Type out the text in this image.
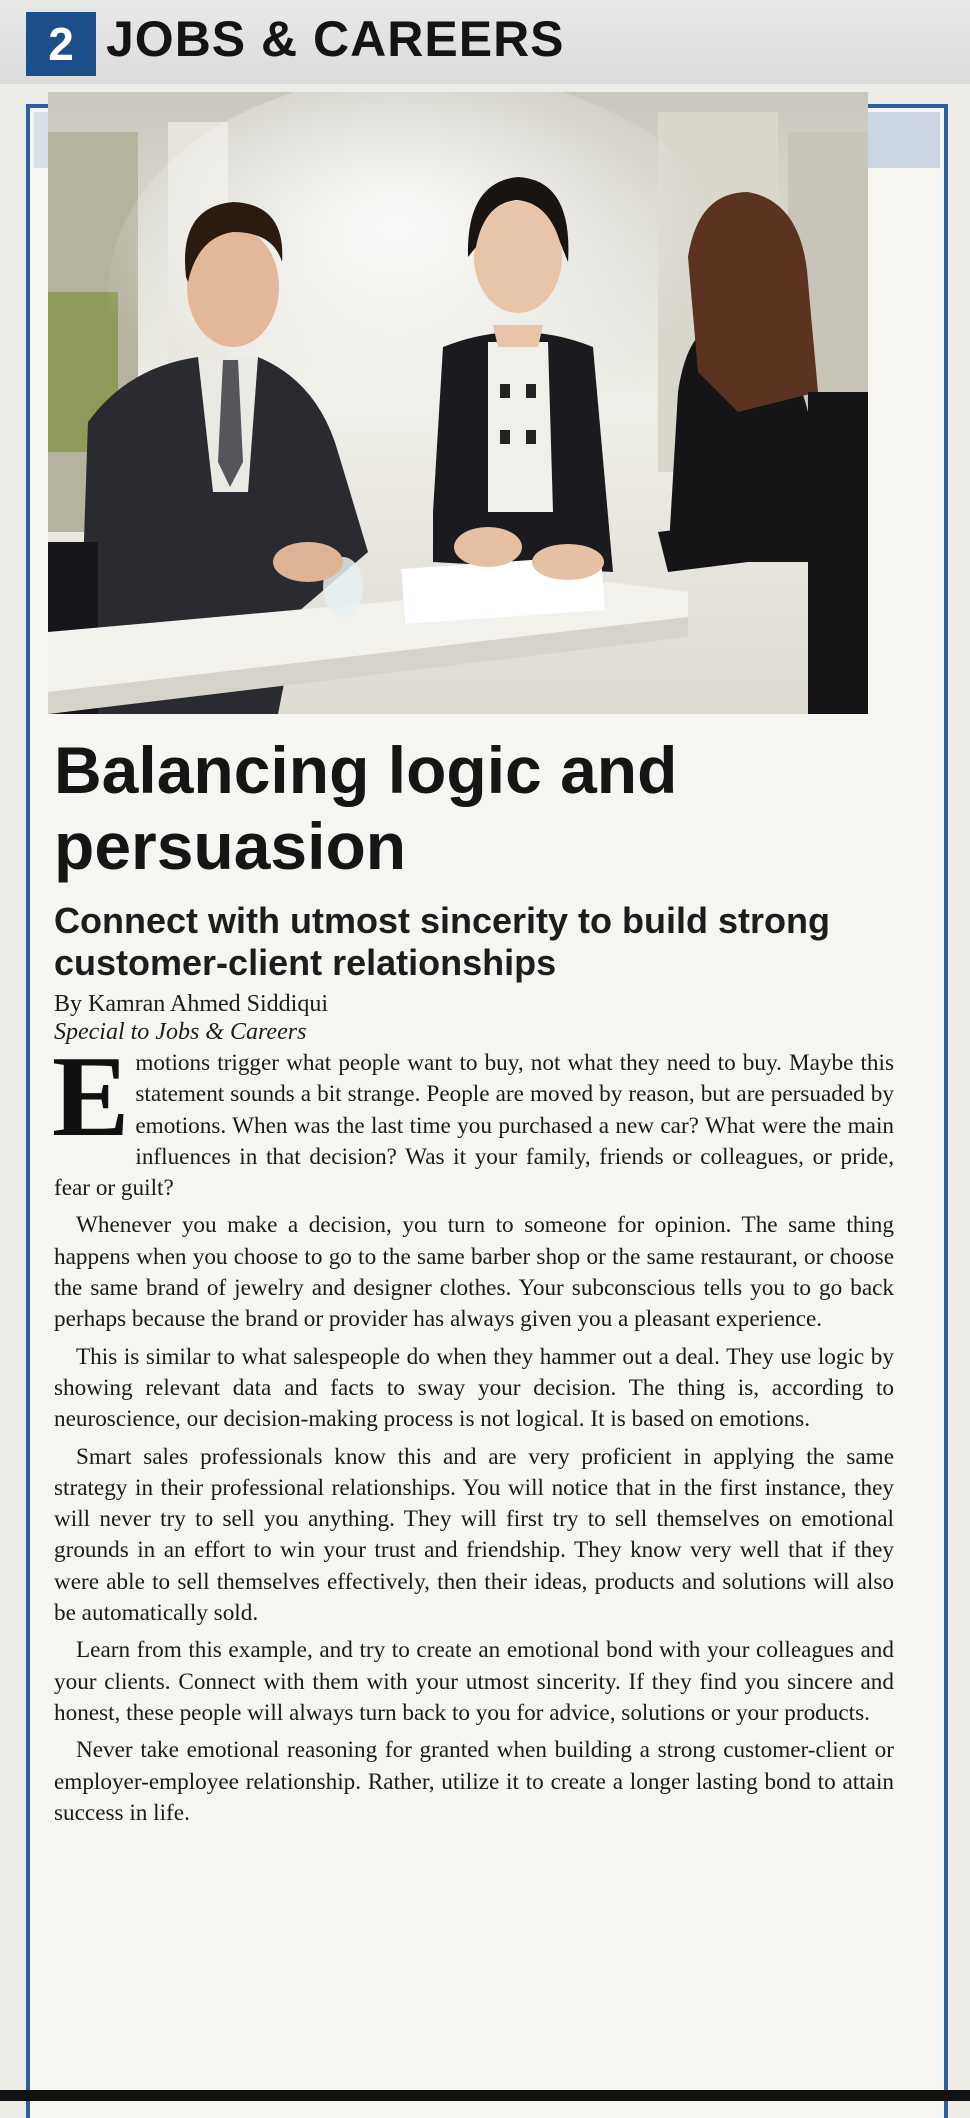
2 JOBS & CAREERS
Balancing logic and persuasion
Connect with utmost sincerity to build strong customer-client relationships
By Kamran Ahmed Siddiqui
Special to Jobs & Careers

Emotions trigger what people want to buy, not what they need to buy. Maybe this statement sounds a bit strange. People are moved by reason, but are persuaded by emotions. When was the last time you purchased a new car? What were the main influences in that decision? Was it your family, friends or colleagues, or pride, fear or guilt?

Whenever you make a decision, you turn to someone for opinion. The same thing happens when you choose to go to the same barber shop or the same restaurant, or choose the same brand of jewelry and designer clothes. Your subconscious tells you to go back perhaps because the brand or provider has always given you a pleasant experience.

This is similar to what salespeople do when they hammer out a deal. They use logic by showing relevant data and facts to sway your decision. The thing is, according to neuroscience, our decision-making process is not logical. It is based on emotions.

Smart sales professionals know this and are very proficient in applying the same strategy in their professional relationships. You will notice that in the first instance, they will never try to sell you anything. They will first try to sell themselves on emotional grounds in an effort to win your trust and friendship. They know very well that if they were able to sell themselves effectively, then their ideas, products and solutions will also be automatically sold.

Learn from this example, and try to create an emotional bond with your colleagues and your clients. Connect with them with your utmost sincerity. If they find you sincere and honest, these people will always turn back to you for advice, solutions or your products.

Never take emotional reasoning for granted when building a strong customer-client or employer-employee relationship. Rather, utilize it to create a longer lasting bond to attain success in life.
